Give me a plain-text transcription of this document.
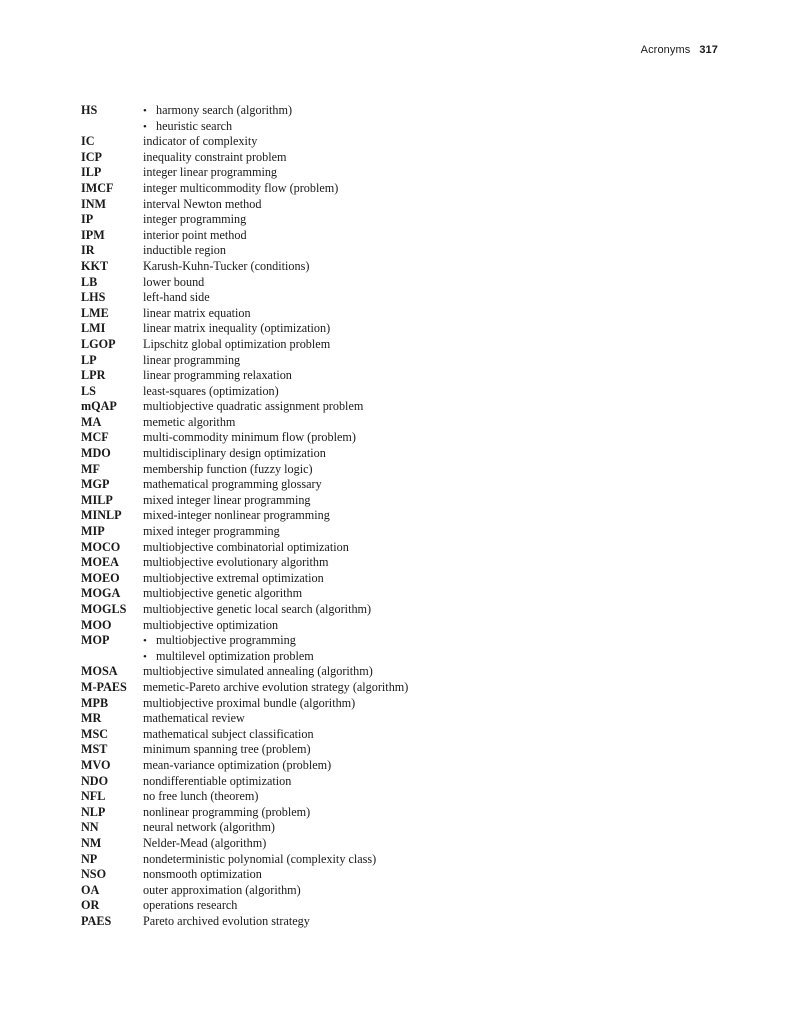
Acronyms 317
HS	• harmony search (algorithm)
• heuristic search
IC	indicator of complexity
ICP	inequality constraint problem
ILP	integer linear programming
IMCF	integer multicommodity flow (problem)
INM	interval Newton method
IP	integer programming
IPM	interior point method
IR	inductible region
KKT	Karush-Kuhn-Tucker (conditions)
LB	lower bound
LHS	left-hand side
LME	linear matrix equation
LMI	linear matrix inequality (optimization)
LGOP	Lipschitz global optimization problem
LP	linear programming
LPR	linear programming relaxation
LS	least-squares (optimization)
mQAP	multiobjective quadratic assignment problem
MA	memetic algorithm
MCF	multi-commodity minimum flow (problem)
MDO	multidisciplinary design optimization
MF	membership function (fuzzy logic)
MGP	mathematical programming glossary
MILP	mixed integer linear programming
MINLP	mixed-integer nonlinear programming
MIP	mixed integer programming
MOCO	multiobjective combinatorial optimization
MOEA	multiobjective evolutionary algorithm
MOEO	multiobjective extremal optimization
MOGA	multiobjective genetic algorithm
MOGLS	multiobjective genetic local search (algorithm)
MOO	multiobjective optimization
MOP	• multiobjective programming
• multilevel optimization problem
MOSA	multiobjective simulated annealing (algorithm)
M-PAES	memetic-Pareto archive evolution strategy (algorithm)
MPB	multiobjective proximal bundle (algorithm)
MR	mathematical review
MSC	mathematical subject classification
MST	minimum spanning tree (problem)
MVO	mean-variance optimization (problem)
NDO	nondifferentiable optimization
NFL	no free lunch (theorem)
NLP	nonlinear programming (problem)
NN	neural network (algorithm)
NM	Nelder-Mead (algorithm)
NP	nondeterministic polynomial (complexity class)
NSO	nonsmooth optimization
OA	outer approximation (algorithm)
OR	operations research
PAES	Pareto archived evolution strategy
